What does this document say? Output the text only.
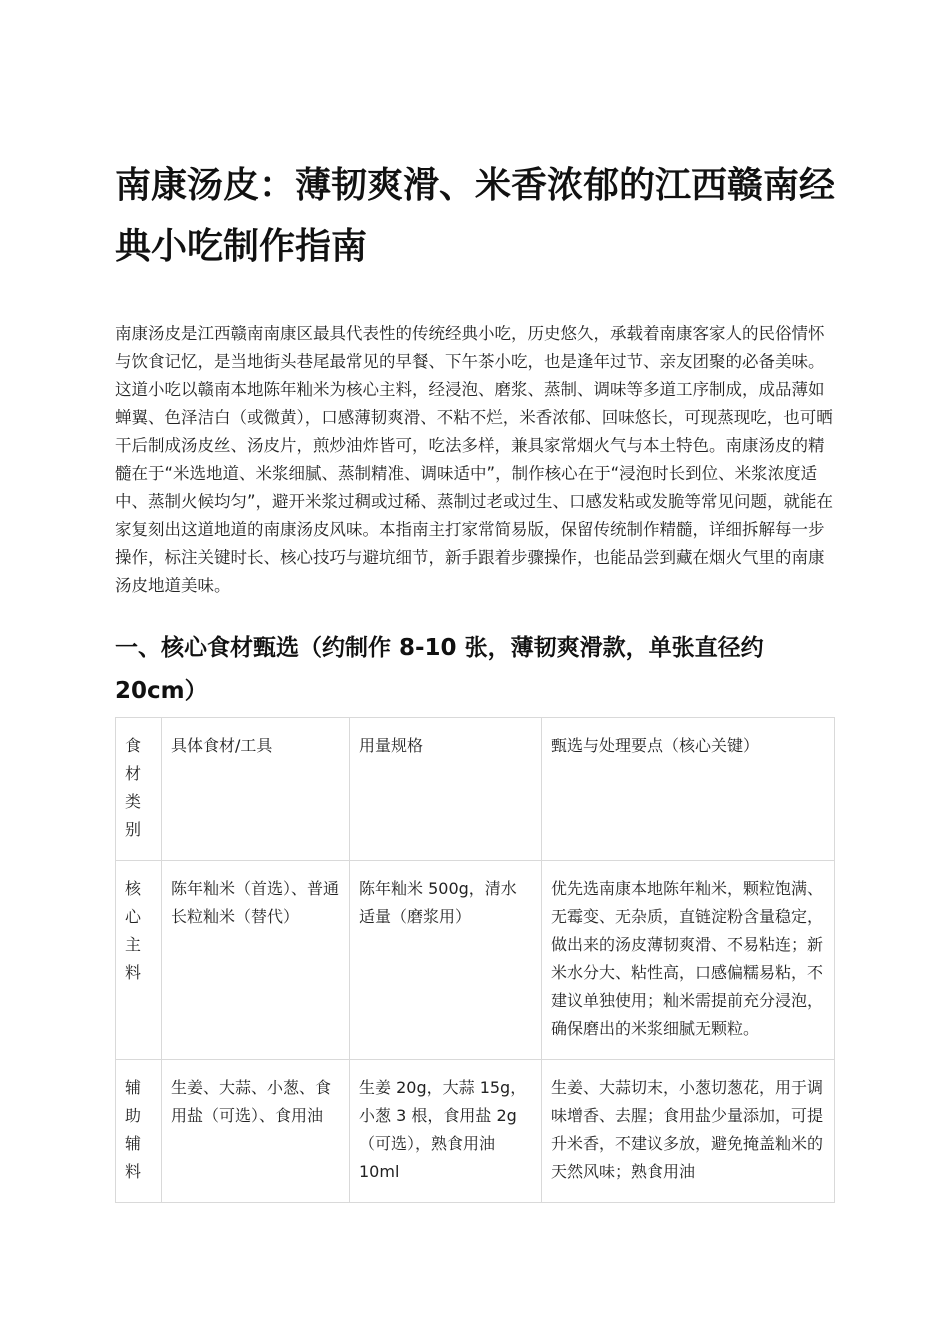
南康汤皮：薄韧爽滑、米香浓郁的江西赣南经典小吃制作指南

南康汤皮是江西赣南南康区最具代表性的传统经典小吃，历史悠久，承载着南康客家人的民俗情怀与饮食记忆，是当地街头巷尾最常见的早餐、下午茶小吃，也是逢年过节、亲友团聚的必备美味。这道小吃以赣南本地陈年籼米为核心主料，经浸泡、磨浆、蒸制、调味等多道工序制成，成品薄如蝉翼、色泽洁白（或微黄），口感薄韧爽滑、不粘不烂，米香浓郁、回味悠长，可现蒸现吃，也可晒干后制成汤皮丝、汤皮片，煎炒油炸皆可，吃法多样，兼具家常烟火气与本土特色。南康汤皮的精髓在于“米选地道、米浆细腻、蒸制精准、调味适中”，制作核心在于“浸泡时长到位、米浆浓度适中、蒸制火候均匀”，避开米浆过稠或过稀、蒸制过老或过生、口感发粘或发脆等常见问题，就能在家复刻出这道地道的南康汤皮风味。本指南主打家常简易版，保留传统制作精髓，详细拆解每一步操作，标注关键时长、核心技巧与避坑细节，新手跟着步骤操作，也能品尝到藏在烟火气里的南康汤皮地道美味。

一、核心食材甄选（约制作 8-10 张，薄韧爽滑款，单张直径约 20cm）
食材类别	具体食材/工具	用量规格	甄选与处理要点（核心关键）
核心主料	陈年籼米（首选）、普通长粒籼米（替代）	陈年籼米 500g，清水适量（磨浆用）	优先选南康本地陈年籼米，颗粒饱满、无霉变、无杂质，直链淀粉含量稳定，做出来的汤皮薄韧爽滑、不易粘连；新米水分大、粘性高，口感偏糯易粘，不建议单独使用；籼米需提前充分浸泡，确保磨出的米浆细腻无颗粒。
辅助辅料	生姜、大蒜、小葱、食用盐（可选）、食用油	生姜 20g，大蒜 15g，小葱 3 根，食用盐 2g（可选），熟食用油 10ml	生姜、大蒜切末，小葱切葱花，用于调味增香、去腥；食用盐少量添加，可提升米香，不建议多放，避免掩盖籼米的天然风味；熟食用油
